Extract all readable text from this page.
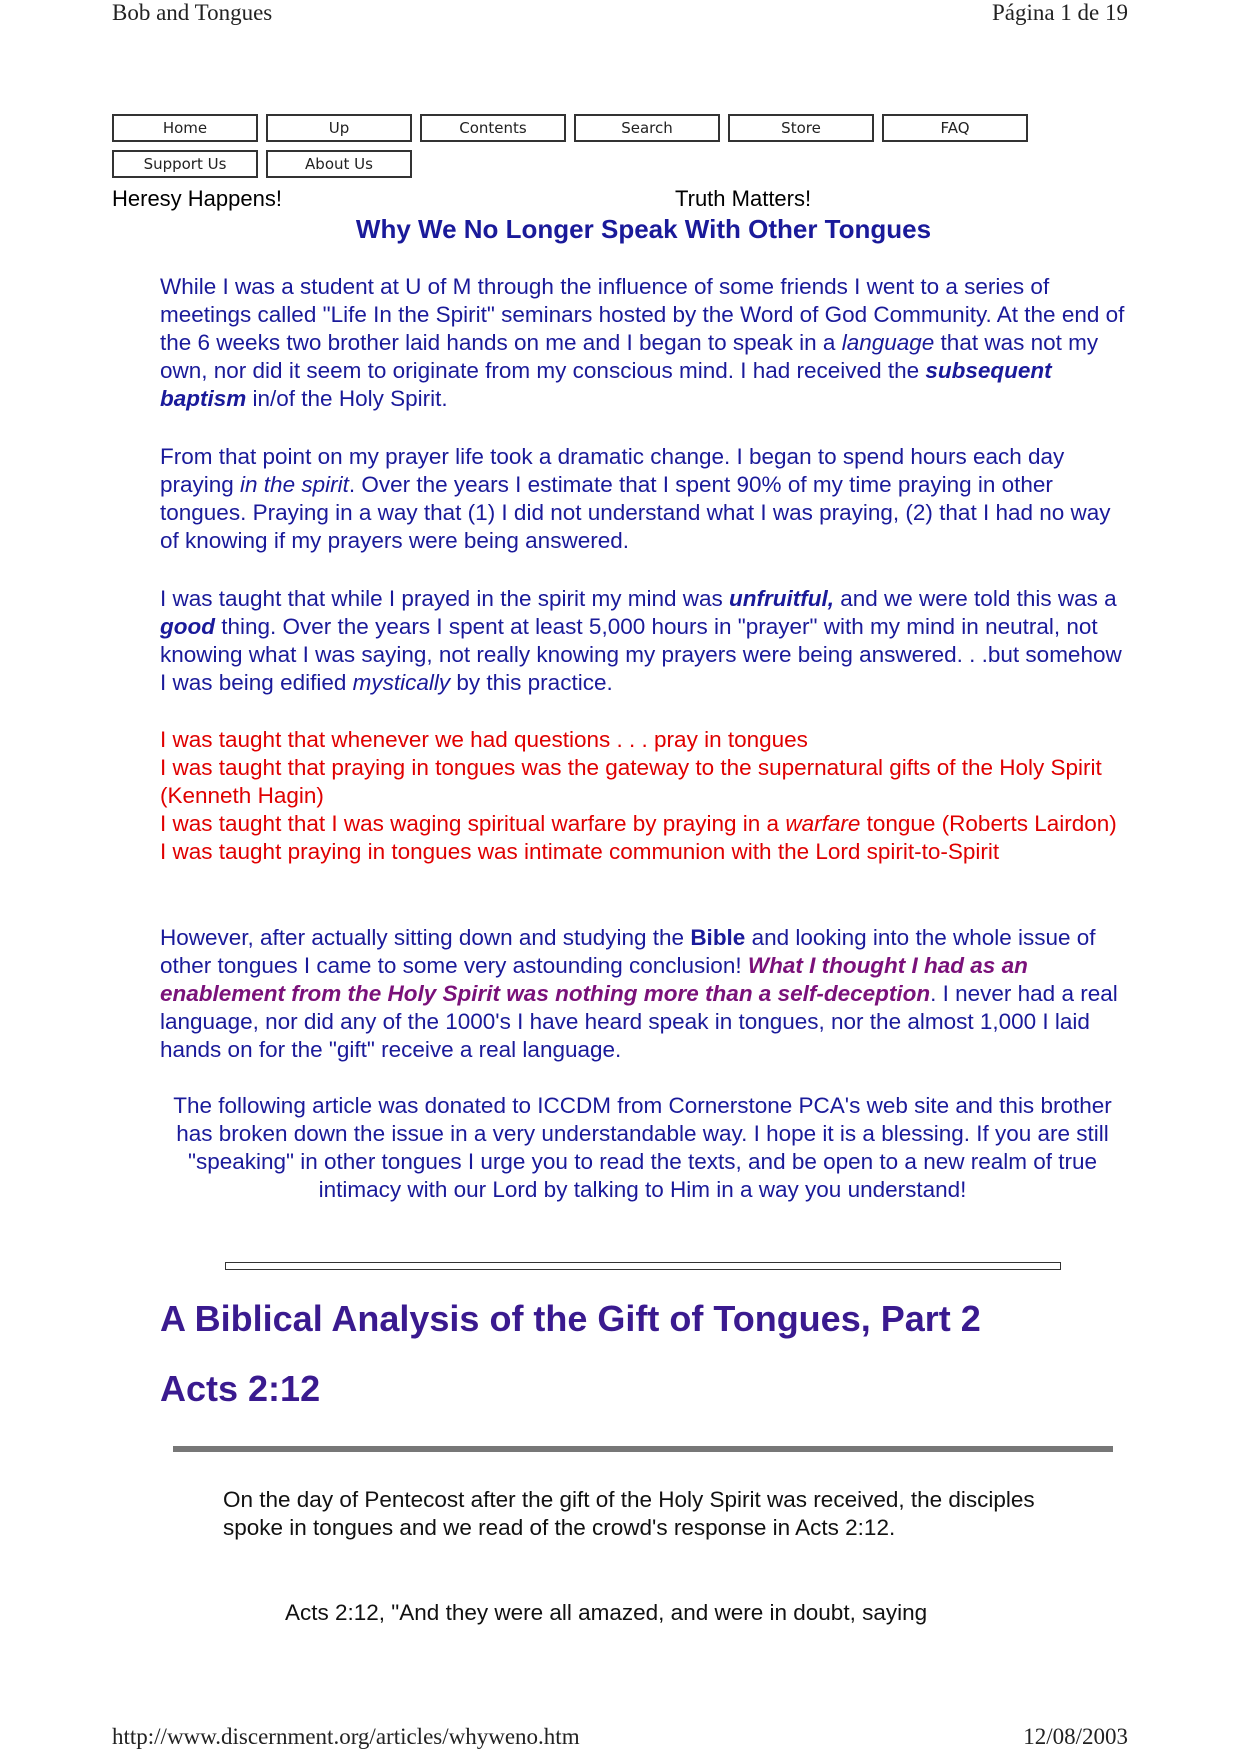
Bob and Tongues	Página 1 de 19
Home	Up	Contents	Search	Store	FAQ
Support Us	About Us
Heresy Happens!	Truth Matters!
Why We No Longer Speak With Other Tongues

While I was a student at U of M through the influence of some friends I went to a series of meetings called "Life In the Spirit" seminars hosted by the Word of God Community. At the end of the 6 weeks two brother laid hands on me and I began to speak in a language that was not my own, nor did it seem to originate from my conscious mind. I had received the subsequent baptism in/of the Holy Spirit.

From that point on my prayer life took a dramatic change. I began to spend hours each day praying in the spirit. Over the years I estimate that I spent 90% of my time praying in other tongues. Praying in a way that (1) I did not understand what I was praying, (2) that I had no way of knowing if my prayers were being answered.

I was taught that while I prayed in the spirit my mind was unfruitful, and we were told this was a good thing. Over the years I spent at least 5,000 hours in "prayer" with my mind in neutral, not knowing what I was saying, not really knowing my prayers were being answered. . .but somehow I was being edified mystically by this practice.

I was taught that whenever we had questions . . . pray in tongues

I was taught that praying in tongues was the gateway to the supernatural gifts of the Holy Spirit (Kenneth Hagin)

I was taught that I was waging spiritual warfare by praying in a warfare tongue (Roberts Lairdon)

I was taught praying in tongues was intimate communion with the Lord spirit-to-Spirit

However, after actually sitting down and studying the Bible and looking into the whole issue of other tongues I came to some very astounding conclusion! What I thought I had as an enablement from the Holy Spirit was nothing more than a self-deception. I never had a real language, nor did any of the 1000's I have heard speak in tongues, nor the almost 1,000 I laid hands on for the "gift" receive a real language.

The following article was donated to ICCDM from Cornerstone PCA's web site and this brother has broken down the issue in a very understandable way. I hope it is a blessing. If you are still "speaking" in other tongues I urge you to read the texts, and be open to a new realm of true intimacy with our Lord by talking to Him in a way you understand!
A Biblical Analysis of the Gift of Tongues, Part 2
Acts 2:12
On the day of Pentecost after the gift of the Holy Spirit was received, the disciples spoke in tongues and we read of the crowd's response in Acts 2:12.
Acts 2:12, "And they were all amazed, and were in doubt, saying
http://www.discernment.org/articles/whyweno.htm	12/08/2003
